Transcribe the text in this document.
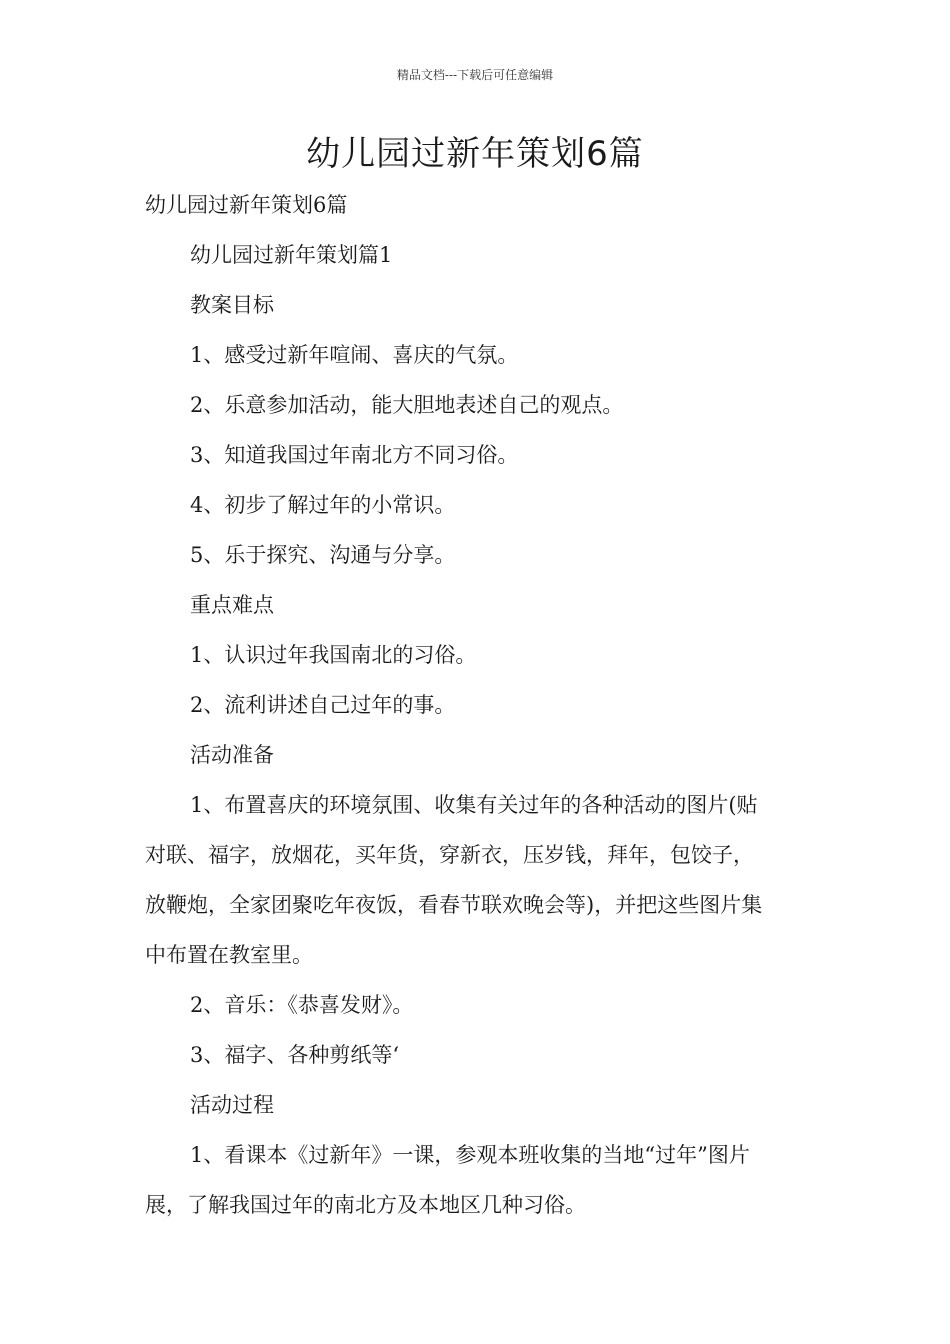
精品文档---下载后可任意编辑
幼儿园过新年策划6篇

幼儿园过新年策划6篇

幼儿园过新年策划篇1

教案目标

1、感受过新年喧闹、喜庆的气氛。

2、乐意参加活动，能大胆地表述自己的观点。

3、知道我国过年南北方不同习俗。

4、初步了解过年的小常识。

5、乐于探究、沟通与分享。

重点难点

1、认识过年我国南北的习俗。

2、流利讲述自己过年的事。

活动准备

1、布置喜庆的环境氛围、收集有关过年的各种活动的图片(贴
对联、福字，放烟花，买年货，穿新衣，压岁钱，拜年，包饺子，
放鞭炮，全家团聚吃年夜饭，看春节联欢晚会等)，并把这些图片集
中布置在教室里。

2、音乐：《恭喜发财》。

3、福字、各种剪纸等‘

活动过程

1、看课本《过新年》一课，参观本班收集的当地“过年”图片
展，了解我国过年的南北方及本地区几种习俗。
